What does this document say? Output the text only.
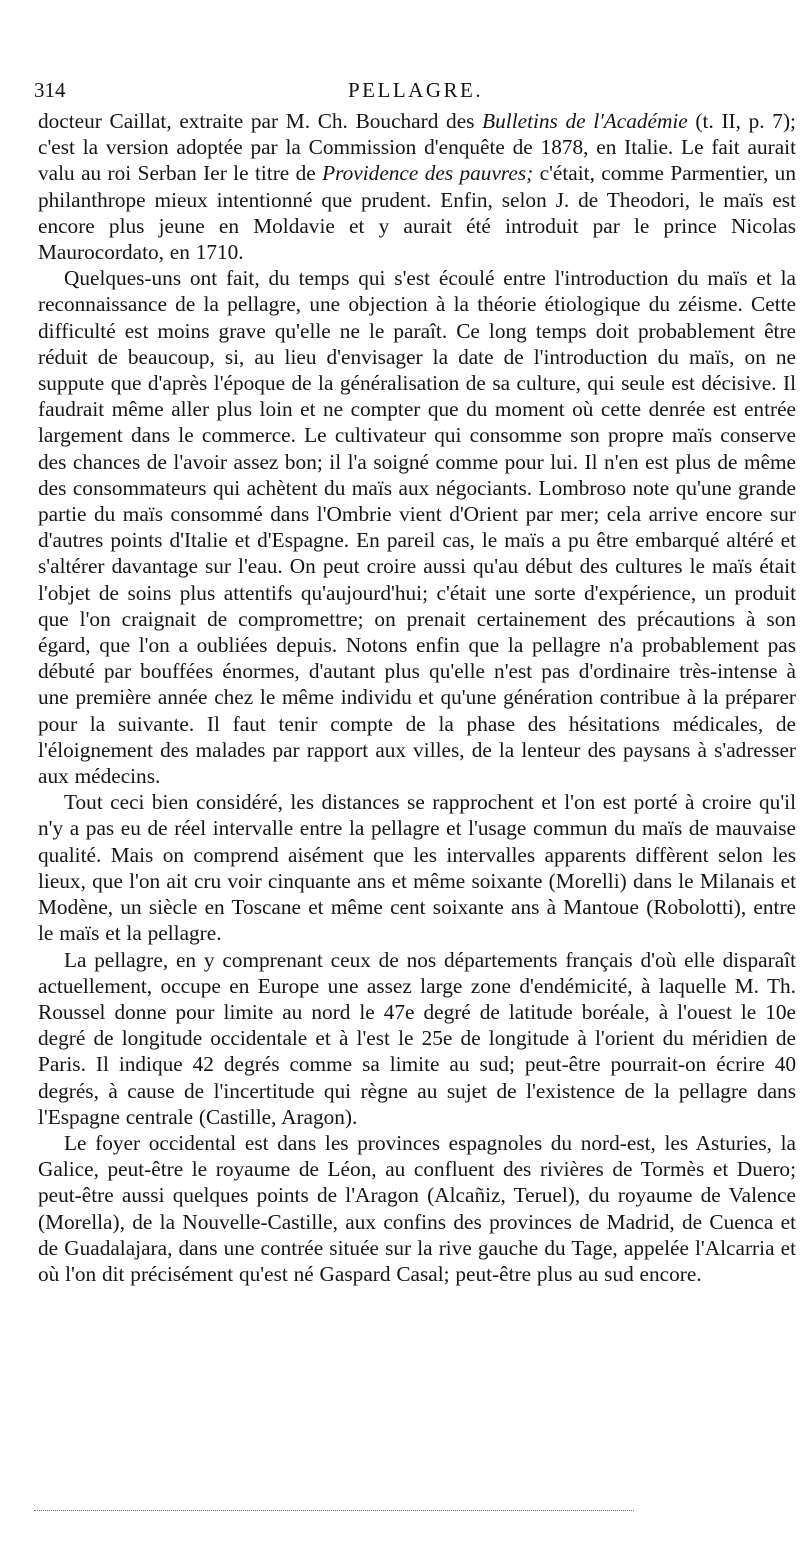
314	PELLAGRE.

docteur Caillat, extraite par M. Ch. Bouchard des Bulletins de l'Académie (t. II, p. 7); c'est la version adoptée par la Commission d'enquête de 1878, en Italie. Le fait aurait valu au roi Serban Ier le titre de Providence des pauvres; c'était, comme Parmentier, un philanthrope mieux intentionné que prudent. Enfin, selon J. de Theodori, le maïs est encore plus jeune en Moldavie et y aurait été introduit par le prince Nicolas Maurocordato, en 1710.

Quelques-uns ont fait, du temps qui s'est écoulé entre l'introduction du maïs et la reconnaissance de la pellagre, une objection à la théorie étiologique du zéisme. Cette difficulté est moins grave qu'elle ne le paraît. Ce long temps doit probablement être réduit de beaucoup, si, au lieu d'envisager la date de l'introduction du maïs, on ne suppute que d'après l'époque de la généralisation de sa culture, qui seule est décisive. Il faudrait même aller plus loin et ne compter que du moment où cette denrée est entrée largement dans le commerce. Le cultivateur qui consomme son propre maïs conserve des chances de l'avoir assez bon; il l'a soigné comme pour lui. Il n'en est plus de même des consommateurs qui achètent du maïs aux négociants. Lombroso note qu'une grande partie du maïs consommé dans l'Ombrie vient d'Orient par mer; cela arrive encore sur d'autres points d'Italie et d'Espagne. En pareil cas, le maïs a pu être embarqué altéré et s'altérer davantage sur l'eau. On peut croire aussi qu'au début des cultures le maïs était l'objet de soins plus attentifs qu'aujourd'hui; c'était une sorte d'expérience, un produit que l'on craignait de compromettre; on prenait certainement des précautions à son égard, que l'on a oubliées depuis. Notons enfin que la pellagre n'a probablement pas débuté par bouffées énormes, d'autant plus qu'elle n'est pas d'ordinaire très-intense à une première année chez le même individu et qu'une génération contribue à la préparer pour la suivante. Il faut tenir compte de la phase des hésitations médicales, de l'éloignement des malades par rapport aux villes, de la lenteur des paysans à s'adresser aux médecins.

Tout ceci bien considéré, les distances se rapprochent et l'on est porté à croire qu'il n'y a pas eu de réel intervalle entre la pellagre et l'usage commun du maïs de mauvaise qualité. Mais on comprend aisément que les intervalles apparents diffèrent selon les lieux, que l'on ait cru voir cinquante ans et même soixante (Morelli) dans le Milanais et Modène, un siècle en Toscane et même cent soixante ans à Mantoue (Robolotti), entre le maïs et la pellagre.

La pellagre, en y comprenant ceux de nos départements français d'où elle disparaît actuellement, occupe en Europe une assez large zone d'endémicité, à laquelle M. Th. Roussel donne pour limite au nord le 47e degré de latitude boréale, à l'ouest le 10e degré de longitude occidentale et à l'est le 25e de longitude à l'orient du méridien de Paris. Il indique 42 degrés comme sa limite au sud; peut-être pourrait-on écrire 40 degrés, à cause de l'incertitude qui règne au sujet de l'existence de la pellagre dans l'Espagne centrale (Castille, Aragon).

Le foyer occidental est dans les provinces espagnoles du nord-est, les Asturies, la Galice, peut-être le royaume de Léon, au confluent des rivières de Tormès et Duero; peut-être aussi quelques points de l'Aragon (Alcañiz, Teruel), du royaume de Valence (Morella), de la Nouvelle-Castille, aux confins des provinces de Madrid, de Cuenca et de Guadalajara, dans une contrée située sur la rive gauche du Tage, appelée l'Alcarria et où l'on dit précisément qu'est né Gaspard Casal; peut-être plus au sud encore.
